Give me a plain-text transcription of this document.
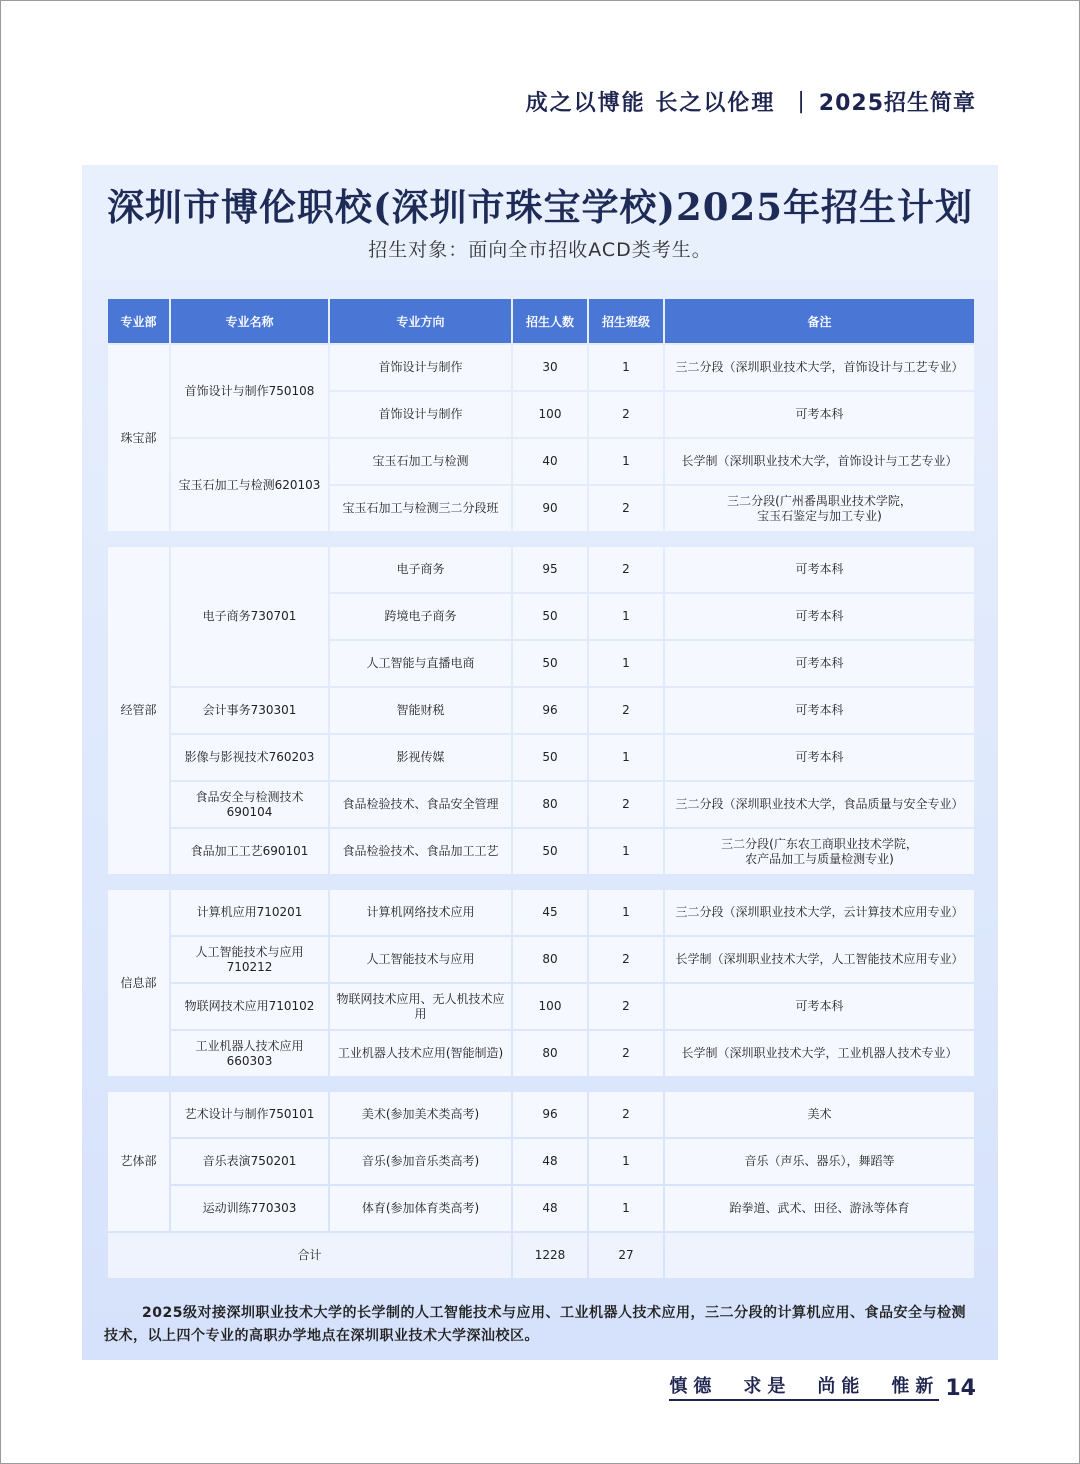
成之以博能 长之以伦理 | 2025招生简章
深圳市博伦职校(深圳市珠宝学校)2025年招生计划
招生对象：面向全市招收ACD类考生。
专业部	专业名称	专业方向	招生人数	招生班级	备注
珠宝部	首饰设计与制作750108	首饰设计与制作	30	1	三二分段（深圳职业技术大学，首饰设计与工艺专业）
		首饰设计与制作	100	2	可考本科
	宝玉石加工与检测620103	宝玉石加工与检测	40	1	长学制（深圳职业技术大学，首饰设计与工艺专业）
		宝玉石加工与检测三二分段班	90	2	三二分段(广州番禺职业技术学院，
宝玉石鉴定与加工专业)

经管部	电子商务730701	电子商务	95	2	可考本科
		跨境电子商务	50	1	可考本科
		人工智能与直播电商	50	1	可考本科
	会计事务730301	智能财税	96	2	可考本科
	影像与影视技术760203	影视传媒	50	1	可考本科
	食品安全与检测技术690104	食品检验技术、食品安全管理	80	2	三二分段（深圳职业技术大学，食品质量与安全专业）
	食品加工工艺690101	食品检验技术、食品加工工艺	50	1	三二分段(广东农工商职业技术学院，
农产品加工与质量检测专业)

信息部	计算机应用710201	计算机网络技术应用	45	1	三二分段（深圳职业技术大学，云计算技术应用专业）
	人工智能技术与应用710212	人工智能技术与应用	80	2	长学制（深圳职业技术大学，人工智能技术应用专业）
	物联网技术应用710102	物联网技术应用、无人机技术应
用	100	2	可考本科
	工业机器人技术应用660303	工业机器人技术应用(智能制造)	80	2	长学制（深圳职业技术大学，工业机器人技术专业）

艺体部	艺术设计与制作750101	美术(参加美术类高考)	96	2	美术
	音乐表演750201	音乐(参加音乐类高考)	48	1	音乐（声乐、器乐），舞蹈等
	运动训练770303	体育(参加体育类高考)	48	1	跆拳道、武术、田径、游泳等体育
合计			1228	27	
2025级对接深圳职业技术大学的长学制的人工智能技术与应用、工业机器人技术应用，三二分段的计算机应用、食品安全与检测技术，以上四个专业的高职办学地点在深圳职业技术大学深汕校区。
慎德 求是 尚能 惟新 14
